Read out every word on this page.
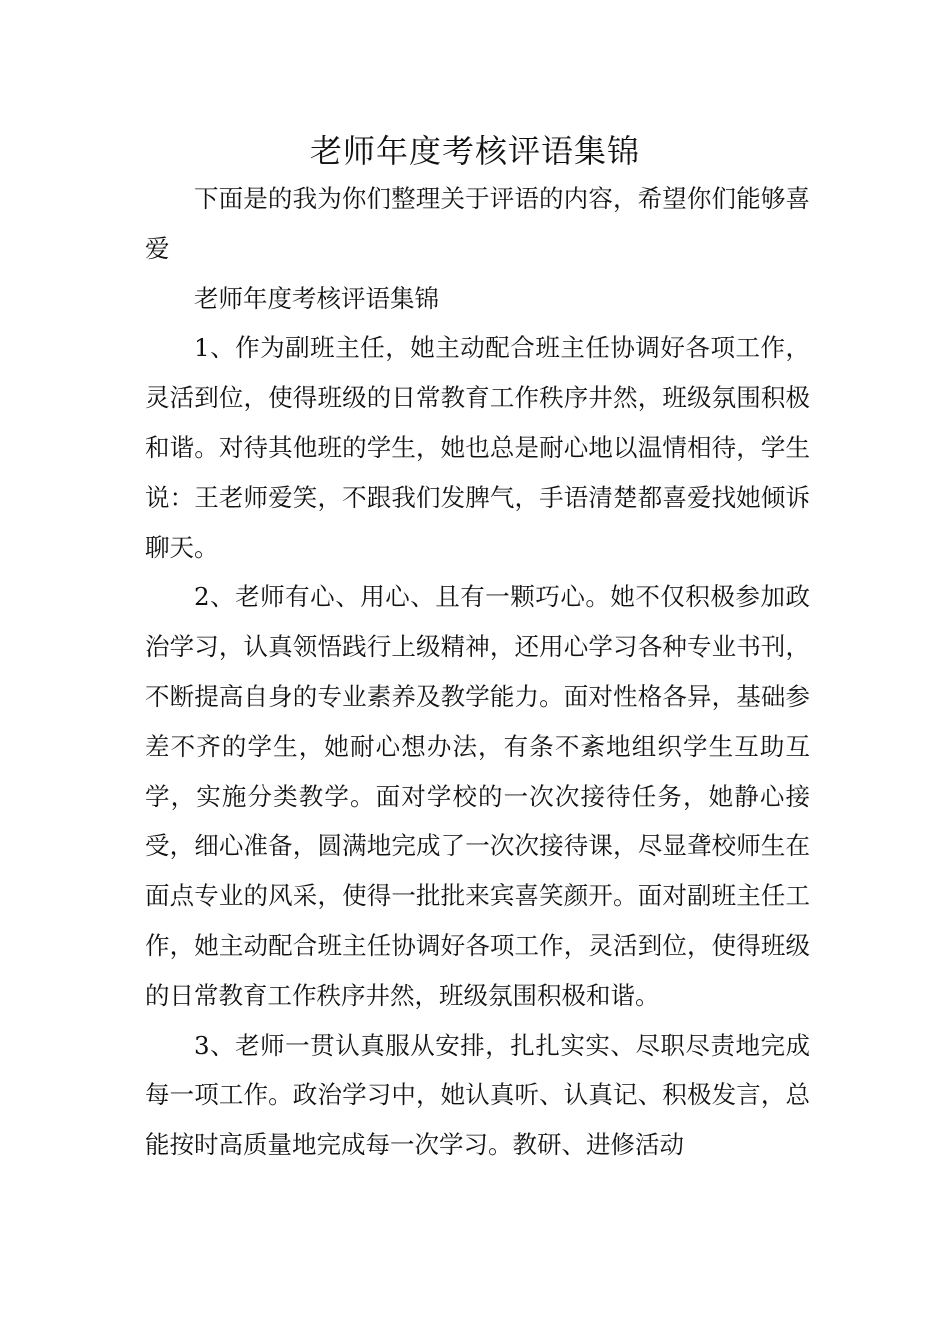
老师年度考核评语集锦

下面是的我为你们整理关于评语的内容，希望你们能够喜爱

老师年度考核评语集锦

1、作为副班主任，她主动配合班主任协调好各项工作，灵活到位，使得班级的日常教育工作秩序井然，班级氛围积极和谐。对待其他班的学生，她也总是耐心地以温情相待，学生说：王老师爱笑，不跟我们发脾气，手语清楚都喜爱找她倾诉聊天。

2、老师有心、用心、且有一颗巧心。她不仅积极参加政治学习，认真领悟践行上级精神，还用心学习各种专业书刊，不断提高自身的专业素养及教学能力。面对性格各异，基础参差不齐的学生，她耐心想办法，有条不紊地组织学生互助互学，实施分类教学。面对学校的一次次接待任务，她静心接受，细心准备，圆满地完成了一次次接待课，尽显聋校师生在面点专业的风采，使得一批批来宾喜笑颜开。面对副班主任工作，她主动配合班主任协调好各项工作，灵活到位，使得班级的日常教育工作秩序井然，班级氛围积极和谐。

3、老师一贯认真服从安排，扎扎实实、尽职尽责地完成每一项工作。政治学习中，她认真听、认真记、积极发言，总能按时高质量地完成每一次学习。教研、进修活动
